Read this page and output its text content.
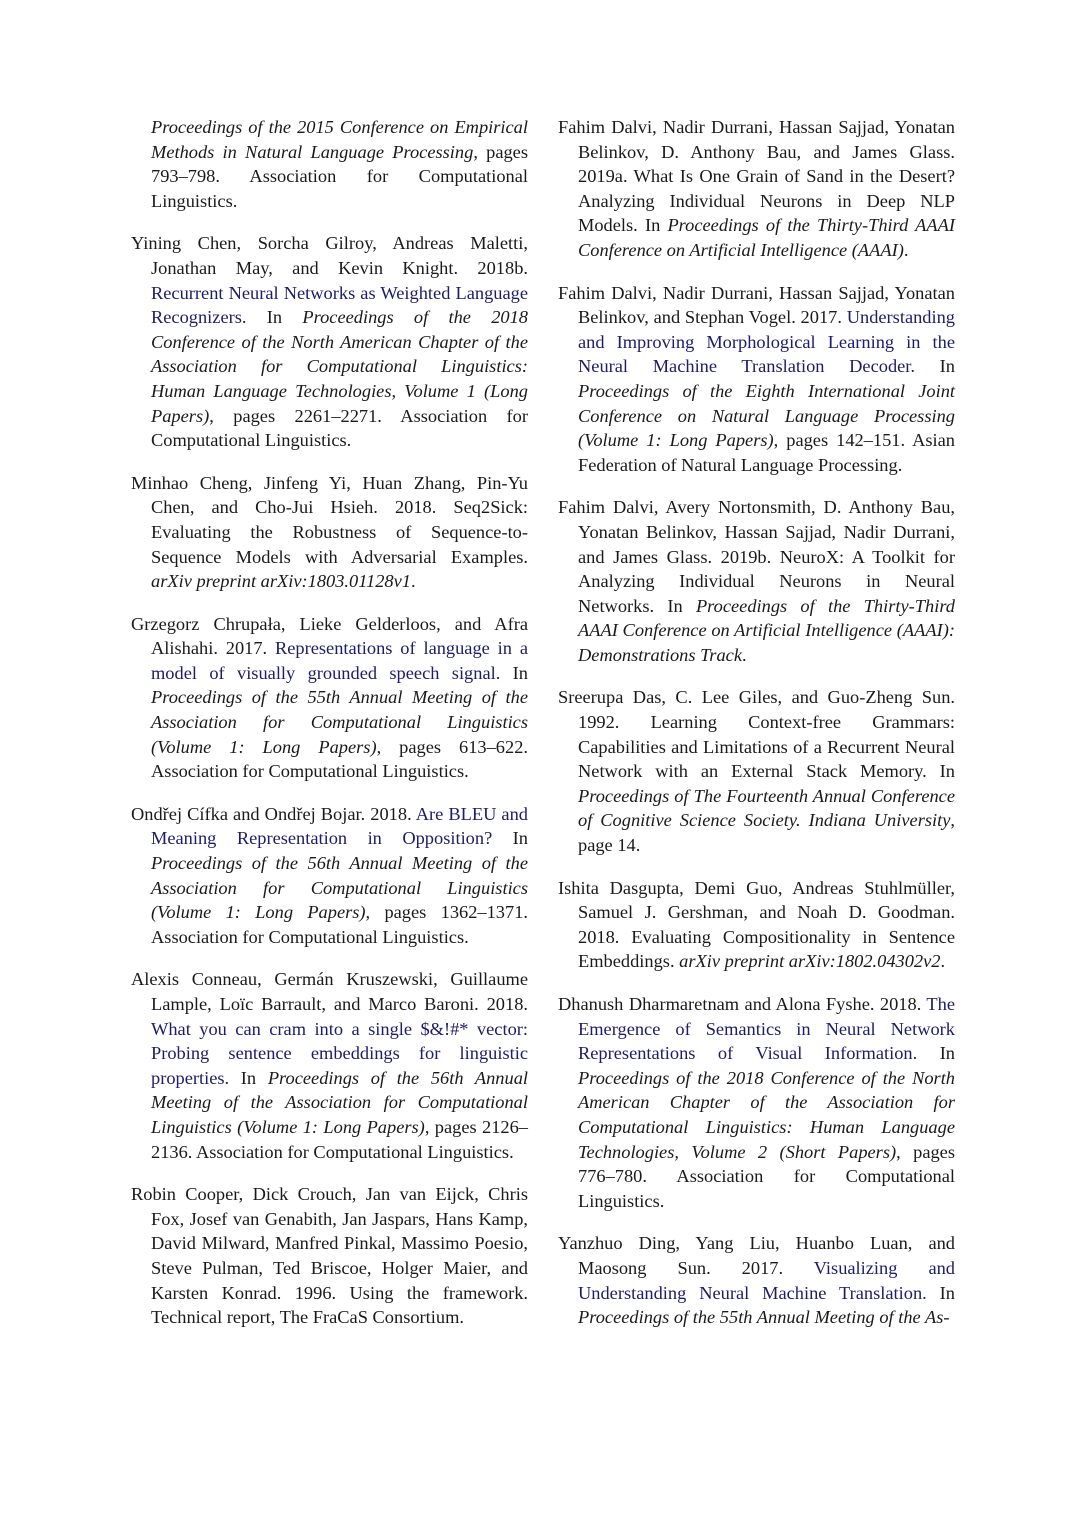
Proceedings of the 2015 Conference on Empirical Methods in Natural Language Processing, pages 793–798. Association for Computational Linguistics.

Yining Chen, Sorcha Gilroy, Andreas Maletti, Jonathan May, and Kevin Knight. 2018b. Recurrent Neural Networks as Weighted Language Recognizers. In Proceedings of the 2018 Conference of the North American Chapter of the Association for Computational Linguistics: Human Language Technologies, Volume 1 (Long Papers), pages 2261–2271. Association for Computational Linguistics.

Minhao Cheng, Jinfeng Yi, Huan Zhang, Pin-Yu Chen, and Cho-Jui Hsieh. 2018. Seq2Sick: Evaluating the Robustness of Sequence-to-Sequence Models with Adversarial Examples. arXiv preprint arXiv:1803.01128v1.

Grzegorz Chrupała, Lieke Gelderloos, and Afra Alishahi. 2017. Representations of language in a model of visually grounded speech signal. In Proceedings of the 55th Annual Meeting of the Association for Computational Linguistics (Volume 1: Long Papers), pages 613–622. Association for Computational Linguistics.

Ondřej Cífka and Ondřej Bojar. 2018. Are BLEU and Meaning Representation in Opposition? In Proceedings of the 56th Annual Meeting of the Association for Computational Linguistics (Volume 1: Long Papers), pages 1362–1371. Association for Computational Linguistics.

Alexis Conneau, Germán Kruszewski, Guillaume Lample, Loïc Barrault, and Marco Baroni. 2018. What you can cram into a single $&!#* vector: Probing sentence embeddings for linguistic properties. In Proceedings of the 56th Annual Meeting of the Association for Computational Linguistics (Volume 1: Long Papers), pages 2126–2136. Association for Computational Linguistics.

Robin Cooper, Dick Crouch, Jan van Eijck, Chris Fox, Josef van Genabith, Jan Jaspars, Hans Kamp, David Milward, Manfred Pinkal, Massimo Poesio, Steve Pulman, Ted Briscoe, Holger Maier, and Karsten Konrad. 1996. Using the framework. Technical report, The FraCaS Consortium.

Fahim Dalvi, Nadir Durrani, Hassan Sajjad, Yonatan Belinkov, D. Anthony Bau, and James Glass. 2019a. What Is One Grain of Sand in the Desert? Analyzing Individual Neurons in Deep NLP Models. In Proceedings of the Thirty-Third AAAI Conference on Artificial Intelligence (AAAI).

Fahim Dalvi, Nadir Durrani, Hassan Sajjad, Yonatan Belinkov, and Stephan Vogel. 2017. Understanding and Improving Morphological Learning in the Neural Machine Translation Decoder. In Proceedings of the Eighth International Joint Conference on Natural Language Processing (Volume 1: Long Papers), pages 142–151. Asian Federation of Natural Language Processing.

Fahim Dalvi, Avery Nortonsmith, D. Anthony Bau, Yonatan Belinkov, Hassan Sajjad, Nadir Durrani, and James Glass. 2019b. NeuroX: A Toolkit for Analyzing Individual Neurons in Neural Networks. In Proceedings of the Thirty-Third AAAI Conference on Artificial Intelligence (AAAI): Demonstrations Track.

Sreerupa Das, C. Lee Giles, and Guo-Zheng Sun. 1992. Learning Context-free Grammars: Capabilities and Limitations of a Recurrent Neural Network with an External Stack Memory. In Proceedings of The Fourteenth Annual Conference of Cognitive Science Society. Indiana University, page 14.

Ishita Dasgupta, Demi Guo, Andreas Stuhlmüller, Samuel J. Gershman, and Noah D. Goodman. 2018. Evaluating Compositionality in Sentence Embeddings. arXiv preprint arXiv:1802.04302v2.

Dhanush Dharmaretnam and Alona Fyshe. 2018. The Emergence of Semantics in Neural Network Representations of Visual Information. In Proceedings of the 2018 Conference of the North American Chapter of the Association for Computational Linguistics: Human Language Technologies, Volume 2 (Short Papers), pages 776–780. Association for Computational Linguistics.

Yanzhuo Ding, Yang Liu, Huanbo Luan, and Maosong Sun. 2017. Visualizing and Understanding Neural Machine Translation. In Proceedings of the 55th Annual Meeting of the As-
